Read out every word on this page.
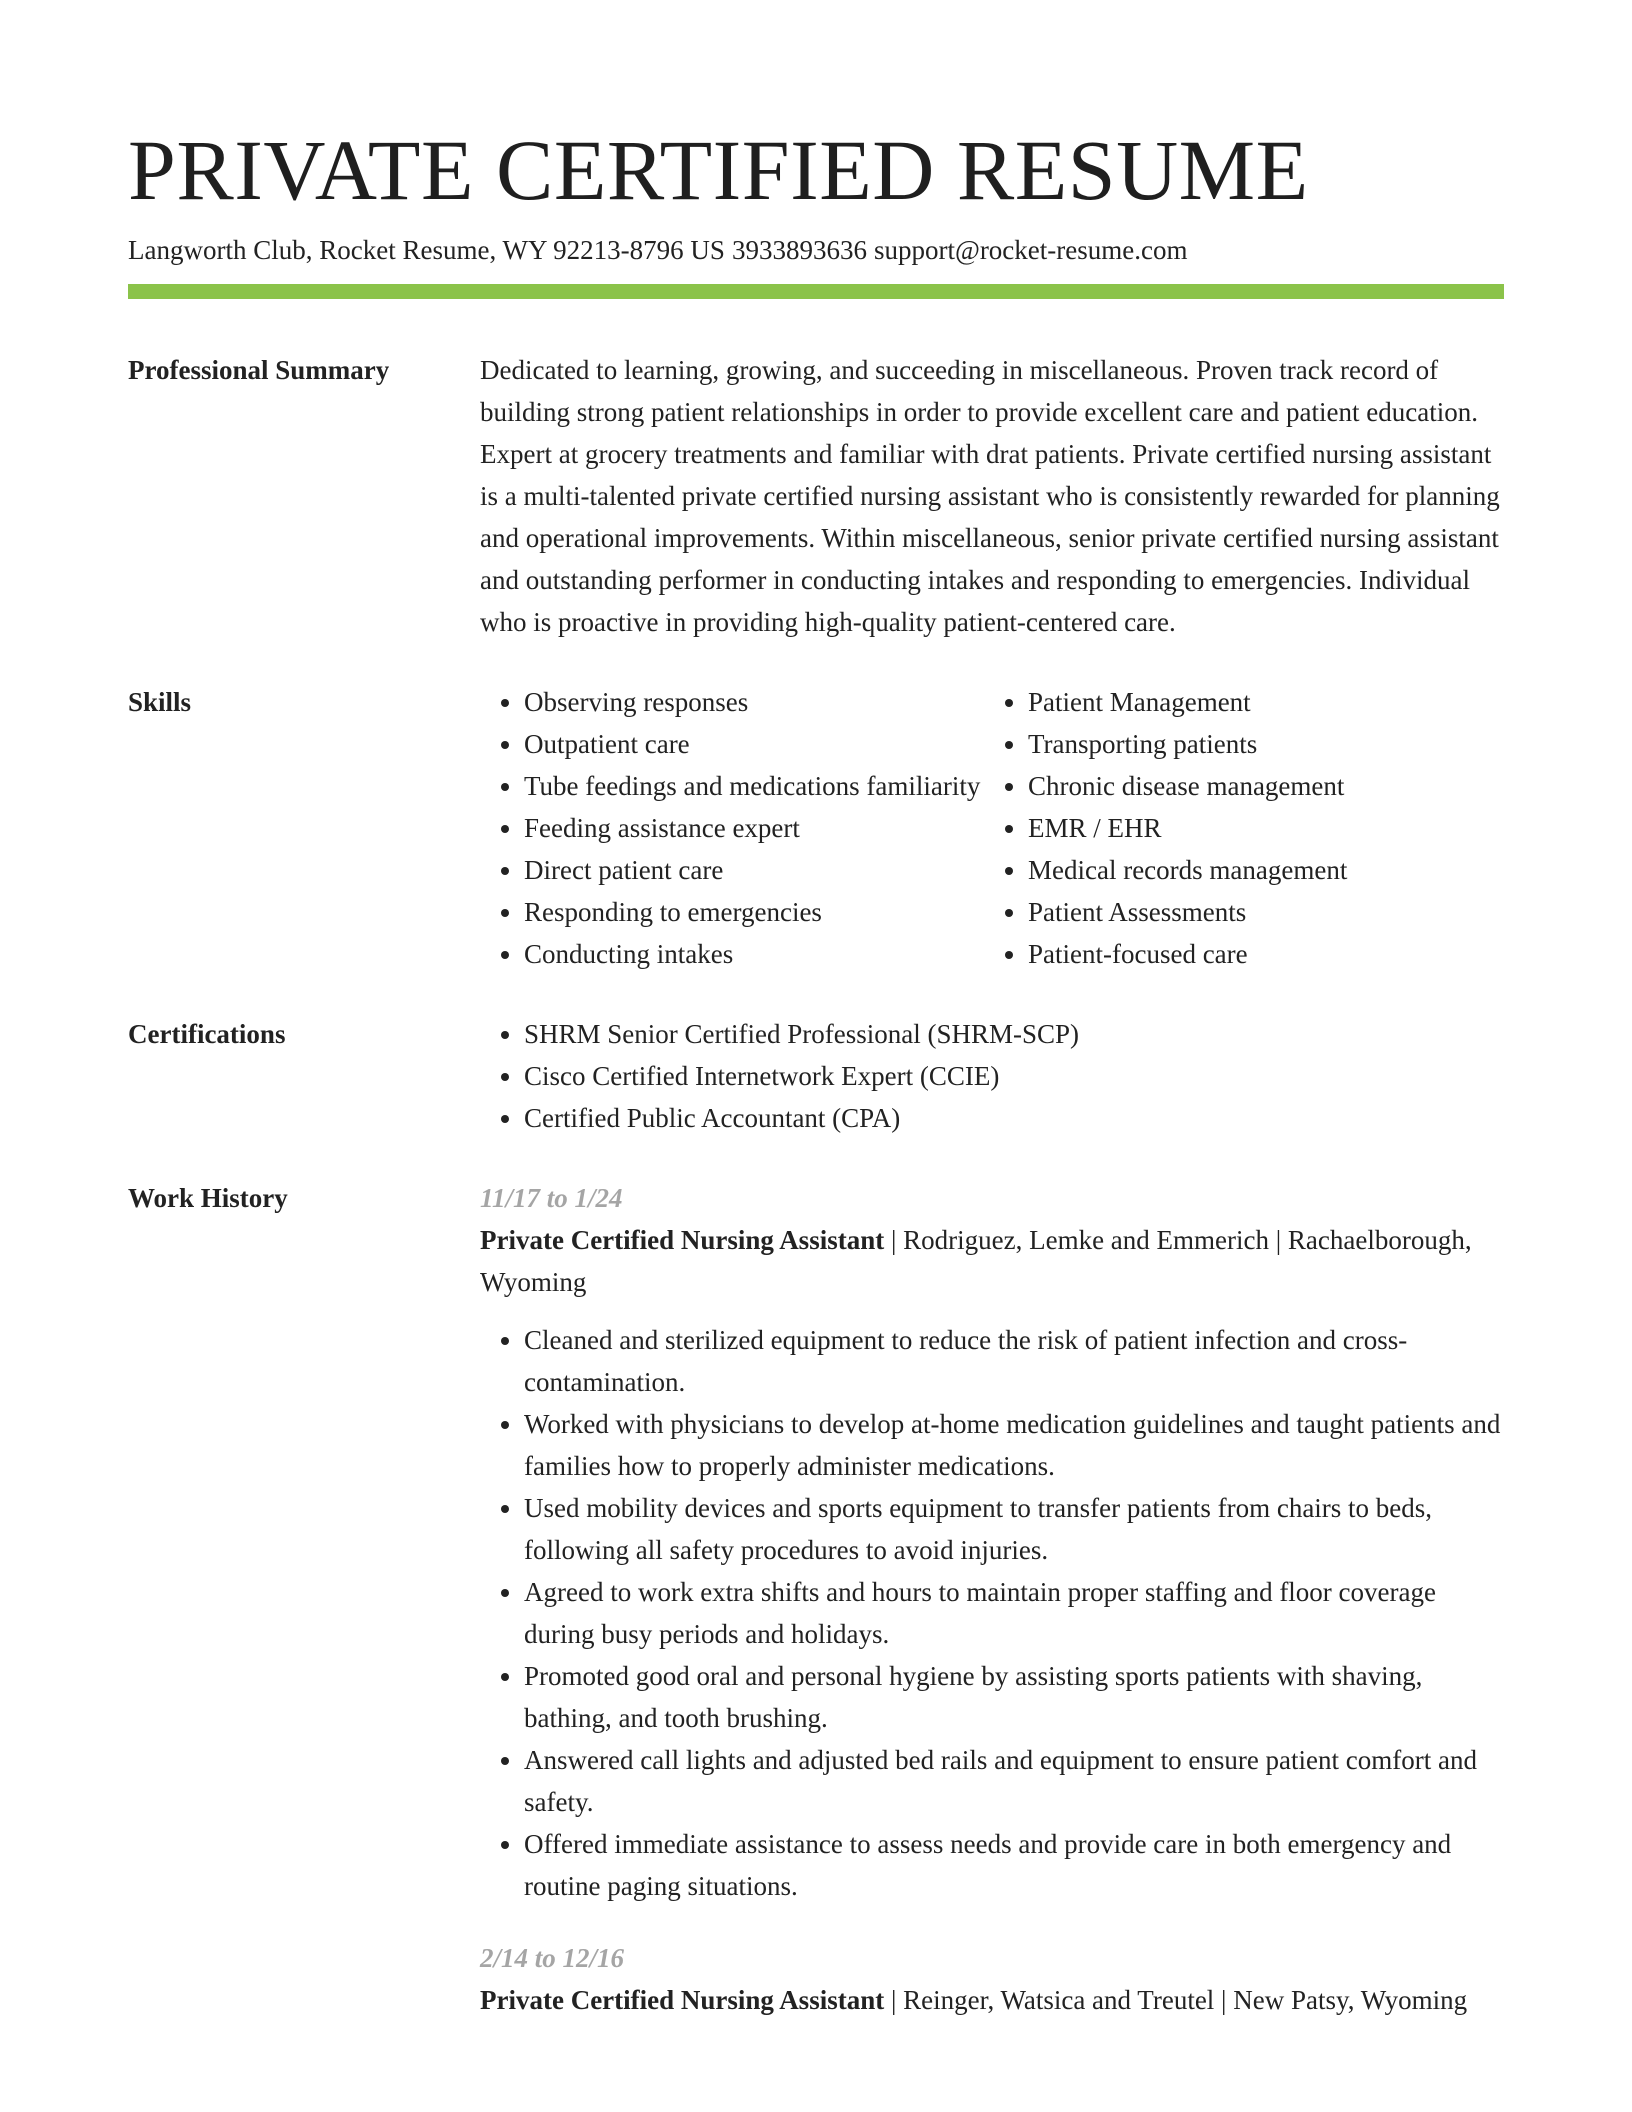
PRIVATE CERTIFIED RESUME
Langworth Club, Rocket Resume, WY 92213-8796 US 3933893636 support@rocket-resume.com
Professional Summary	Dedicated to learning, growing, and succeeding in miscellaneous. Proven track record of building strong patient relationships in order to provide excellent care and patient education. Expert at grocery treatments and familiar with drat patients. Private certified nursing assistant is a multi-talented private certified nursing assistant who is consistently rewarded for planning and operational improvements. Within miscellaneous, senior private certified nursing assistant and outstanding performer in conducting intakes and responding to emergencies. Individual who is proactive in providing high-quality patient-centered care.
Skills	• Observing responses
• Outpatient care
• Tube feedings and medications familiarity
• Feeding assistance expert
• Direct patient care
• Responding to emergencies
• Conducting intakes
• Patient Management
• Transporting patients
• Chronic disease management
• EMR / EHR
• Medical records management
• Patient Assessments
• Patient-focused care
Certifications	• SHRM Senior Certified Professional (SHRM-SCP)
• Cisco Certified Internetwork Expert (CCIE)
• Certified Public Accountant (CPA)
Work History	11/17 to 1/24
Private Certified Nursing Assistant | Rodriguez, Lemke and Emmerich | Rachaelborough, Wyoming
• Cleaned and sterilized equipment to reduce the risk of patient infection and cross-contamination.
• Worked with physicians to develop at-home medication guidelines and taught patients and families how to properly administer medications.
• Used mobility devices and sports equipment to transfer patients from chairs to beds, following all safety procedures to avoid injuries.
• Agreed to work extra shifts and hours to maintain proper staffing and floor coverage during busy periods and holidays.
• Promoted good oral and personal hygiene by assisting sports patients with shaving, bathing, and tooth brushing.
• Answered call lights and adjusted bed rails and equipment to ensure patient comfort and safety.
• Offered immediate assistance to assess needs and provide care in both emergency and routine paging situations.
2/14 to 12/16
Private Certified Nursing Assistant | Reinger, Watsica and Treutel | New Patsy, Wyoming
